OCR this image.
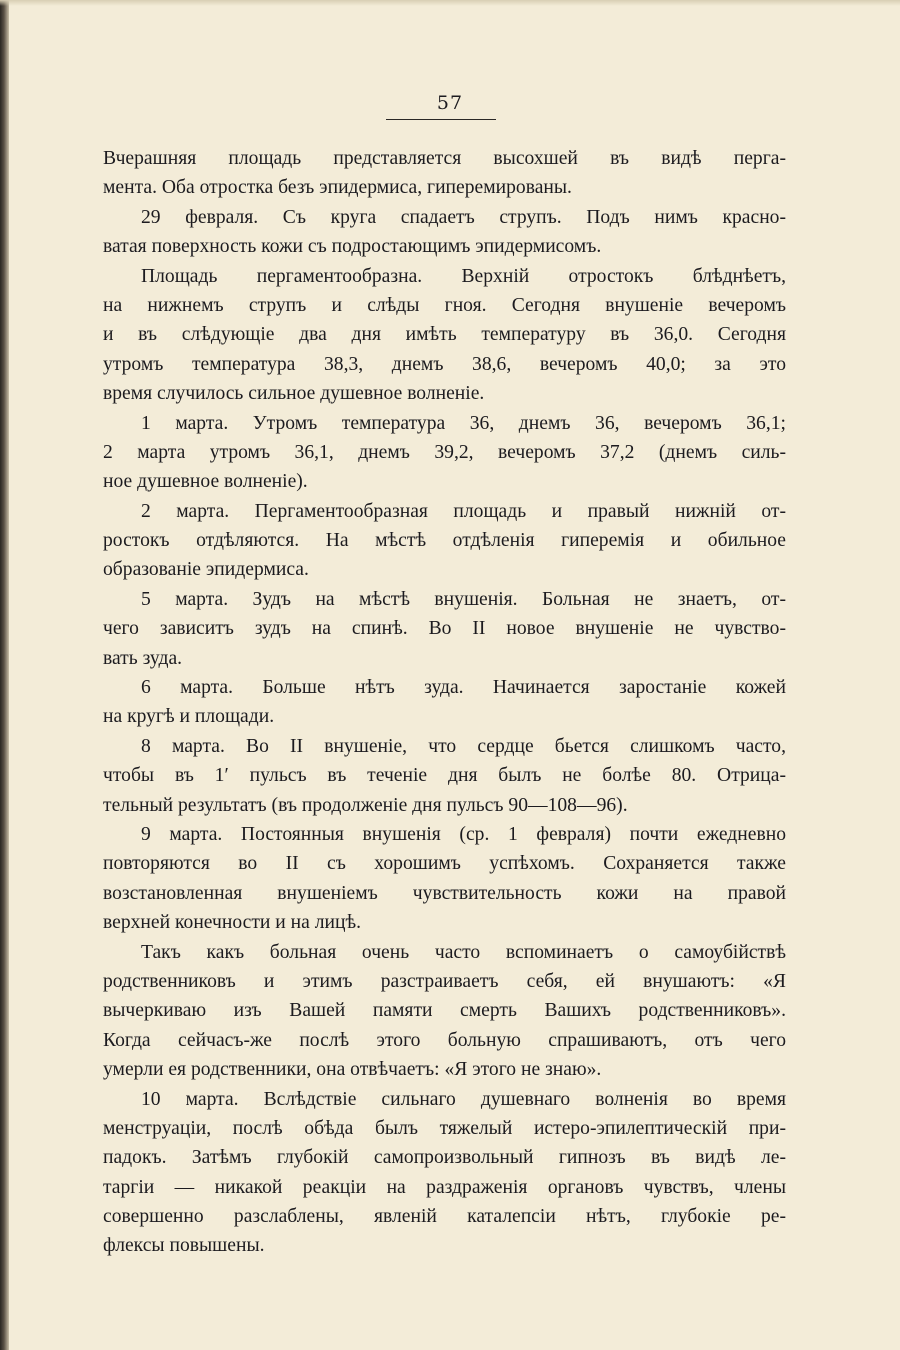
57
Вчерашняя площадь представляется высохшей въ видѣ перга-
мента. Оба отростка безъ эпидермиса, гиперемированы.
29 февраля. Съ круга спадаетъ струпъ. Подъ нимъ красно-
ватая поверхность кожи съ подростающимъ эпидермисомъ.
Площадь пергаментообразна. Верхній отростокъ блѣднѣетъ,
на нижнемъ струпъ и слѣды гноя. Сегодня внушеніе вечеромъ
и въ слѣдующіе два дня имѣть температуру въ 36,0. Сегодня
утромъ температура 38,3, днемъ 38,6, вечеромъ 40,0; за это
время случилось сильное душевное волненіе.
1 марта. Утромъ температура 36, днемъ 36, вечеромъ 36,1;
2 марта утромъ 36,1, днемъ 39,2, вечеромъ 37,2 (днемъ силь-
ное душевное волненіе).
2 марта. Пергаментообразная площадь и правый нижній от-
ростокъ отдѣляются. На мѣстѣ отдѣленія гиперемія и обильное
образованіе эпидермиса.
5 марта. Зудъ на мѣстѣ внушенія. Больная не знаетъ, от-
чего зависитъ зудъ на спинѣ. Во II новое внушеніе не чувство-
вать зуда.
6 марта. Больше нѣтъ зуда. Начинается заростаніе кожей
на кругѣ и площади.
8 марта. Во II внушеніе, что сердце бьется слишкомъ часто,
чтобы въ 1′ пульсъ въ теченіе дня былъ не болѣе 80. Отрица-
тельный результатъ (въ продолженіе дня пульсъ 90—108—96).
9 марта. Постоянныя внушенія (ср. 1 февраля) почти ежедневно
повторяются во II съ хорошимъ успѣхомъ. Сохраняется также
возстановленная внушеніемъ чувствительность кожи на правой
верхней конечности и на лицѣ.
Такъ какъ больная очень часто вспоминаетъ о самоубійствѣ
родственниковъ и этимъ разстраиваетъ себя, ей внушаютъ: «Я
вычеркиваю изъ Вашей памяти смерть Вашихъ родственниковъ».
Когда сейчасъ-же послѣ этого больную спрашиваютъ, отъ чего
умерли ея родственники, она отвѣчаетъ: «Я этого не знаю».
10 марта. Вслѣдствіе сильнаго душевнаго волненія во время
менструаціи, послѣ обѣда былъ тяжелый истеро-эпилептическій при-
падокъ. Затѣмъ глубокій самопроизвольный гипнозъ въ видѣ ле-
таргіи — никакой реакціи на раздраженія органовъ чувствъ, члены
совершенно разслаблены, явленій каталепсіи нѣтъ, глубокіе ре-
флексы повышены.
